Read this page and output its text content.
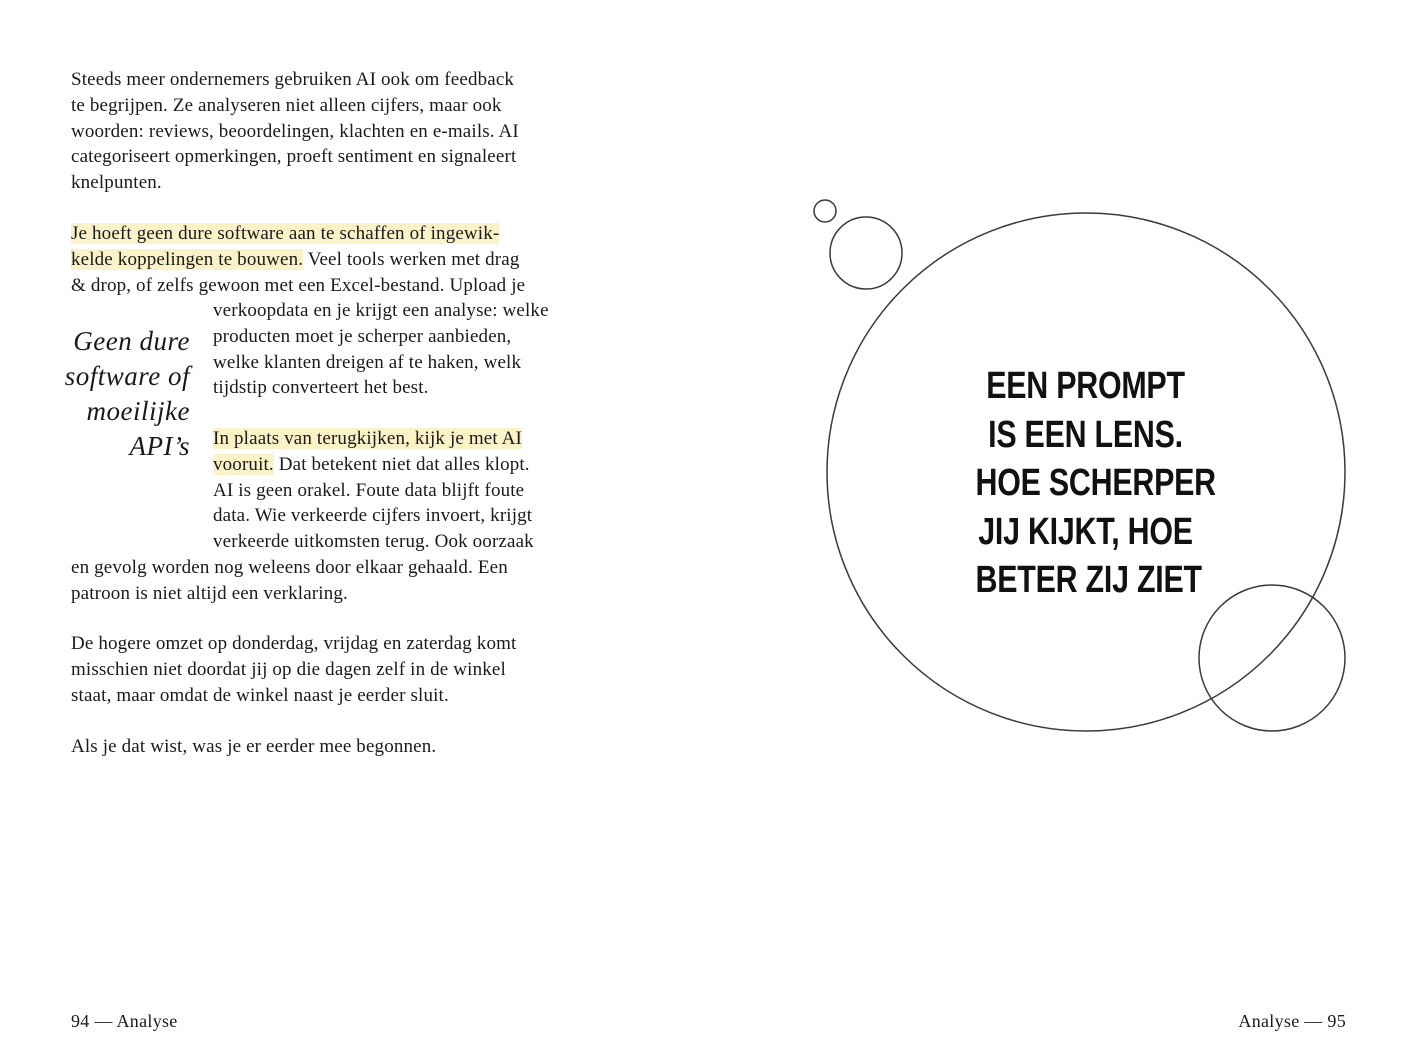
Steeds meer ondernemers gebruiken AI ook om feedback
te begrijpen. Ze analyseren niet alleen cijfers, maar ook
woorden: reviews, beoordelingen, klachten en e-mails. AI
categoriseert opmerkingen, proeft sentiment en signaleert
knelpunten.

Je hoeft geen dure software aan te schaffen of ingewik-
kelde koppelingen te bouwen. Veel tools werken met drag
& drop, of zelfs gewoon met een Excel-bestand. Upload je

verkoopdata en je krijgt een analyse: welke
producten moet je scherper aanbieden,
welke klanten dreigen af te haken, welk
tijdstip converteert het best.

Geen dure
software of
moeilijke
API’s In plaats van terugkijken, kijk je met AI
vooruit. Dat betekent niet dat alles klopt.
AI is geen orakel. Foute data blijft foute
data. Wie verkeerde cijfers invoert, krijgt
verkeerde uitkomsten terug. Ook oorzaak

en gevolg worden nog weleens door elkaar gehaald. Een
patroon is niet altijd een verklaring.

De hogere omzet op donderdag, vrijdag en zaterdag komt
misschien niet doordat jij op die dagen zelf in de winkel
staat, maar omdat de winkel naast je eerder sluit.

Als je dat wist, was je er eerder mee begonnen.

94 — Analyse
EEN PROMPT
IS EEN LENS.
HOE SCHERPER
JIJ KIJKT, HOE
BETER ZIJ ZIET
Analyse — 95
